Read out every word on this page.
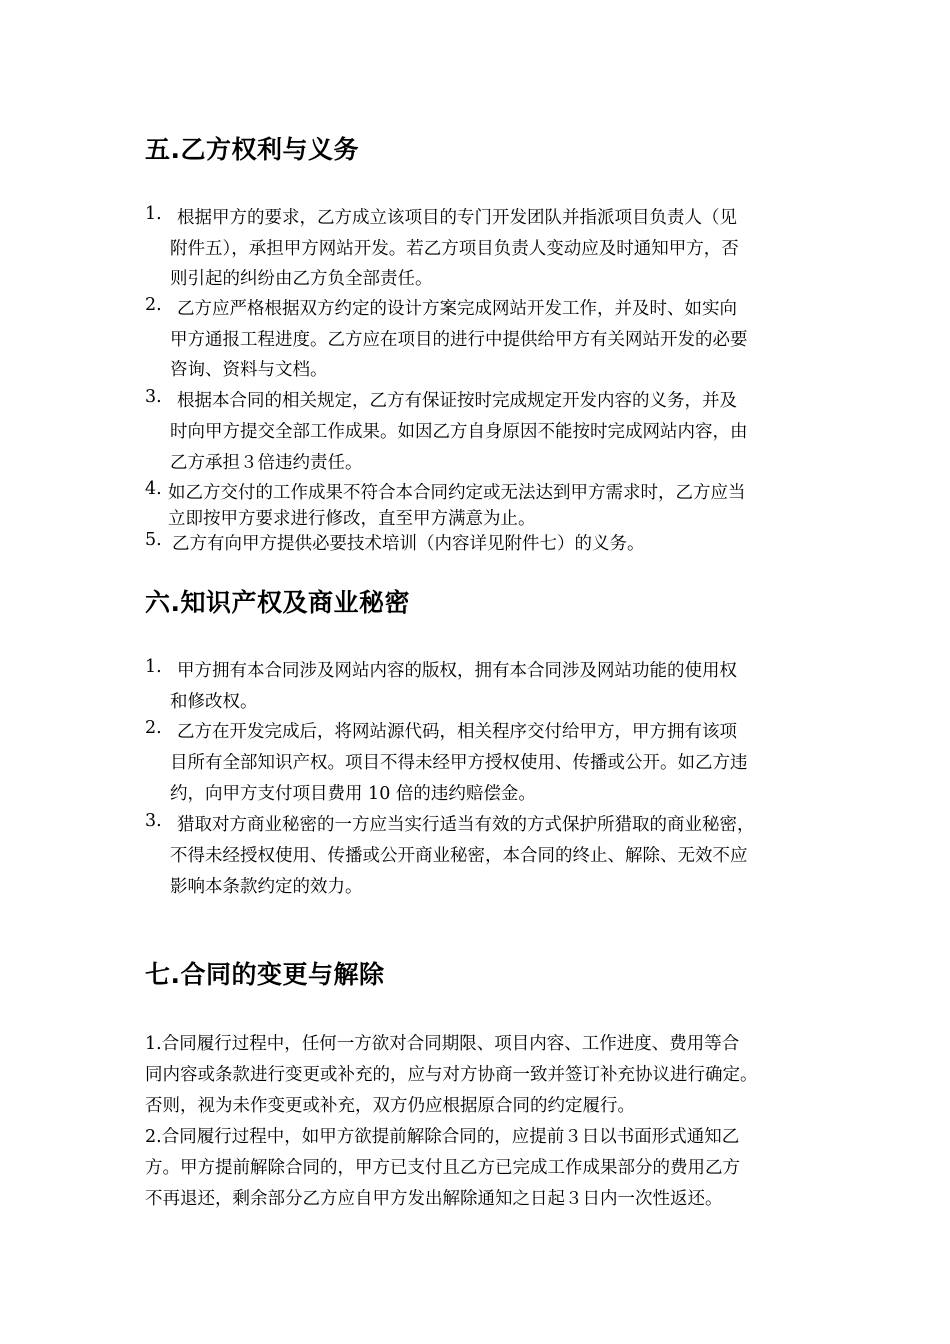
五.乙方权利与义务
1. 根据甲方的要求，乙方成立该项目的专门开发团队并指派项目负责人（见
附件五），承担甲方网站开发。若乙方项目负责人变动应及时通知甲方，否
则引起的纠纷由乙方负全部责任。
2. 乙方应严格根据双方约定的设计方案完成网站开发工作，并及时、如实向
甲方通报工程进度。乙方应在项目的进行中提供给甲方有关网站开发的必要
咨询、资料与文档。
3. 根据本合同的相关规定，乙方有保证按时完成规定开发内容的义务，并及
时向甲方提交全部工作成果。如因乙方自身原因不能按时完成网站内容，由
乙方承担３倍违约责任。
4. 如乙方交付的工作成果不符合本合同约定或无法达到甲方需求时，乙方应当
立即按甲方要求进行修改，直至甲方满意为止。
5. 乙方有向甲方提供必要技术培训（内容详见附件七）的义务。
六.知识产权及商业秘密
1. 甲方拥有本合同涉及网站内容的版权，拥有本合同涉及网站功能的使用权
和修改权。
2. 乙方在开发完成后，将网站源代码，相关程序交付给甲方，甲方拥有该项
目所有全部知识产权。项目不得未经甲方授权使用、传播或公开。如乙方违
约，向甲方支付项目费用 10 倍的违约赔偿金。
3. 猎取对方商业秘密的一方应当实行适当有效的方式保护所猎取的商业秘密，
不得未经授权使用、传播或公开商业秘密，本合同的终止、解除、无效不应
影响本条款约定的效力。
七.合同的变更与解除

1.合同履行过程中，任何一方欲对合同期限、项目内容、工作进度、费用等合

同内容或条款进行变更或补充的，应与对方协商一致并签订补充协议进行确定。

否则，视为未作变更或补充，双方仍应根据原合同的约定履行。

2.合同履行过程中，如甲方欲提前解除合同的，应提前３日以书面形式通知乙

方。甲方提前解除合同的，甲方已支付且乙方已完成工作成果部分的费用乙方

不再退还，剩余部分乙方应自甲方发出解除通知之日起３日内一次性返还。
